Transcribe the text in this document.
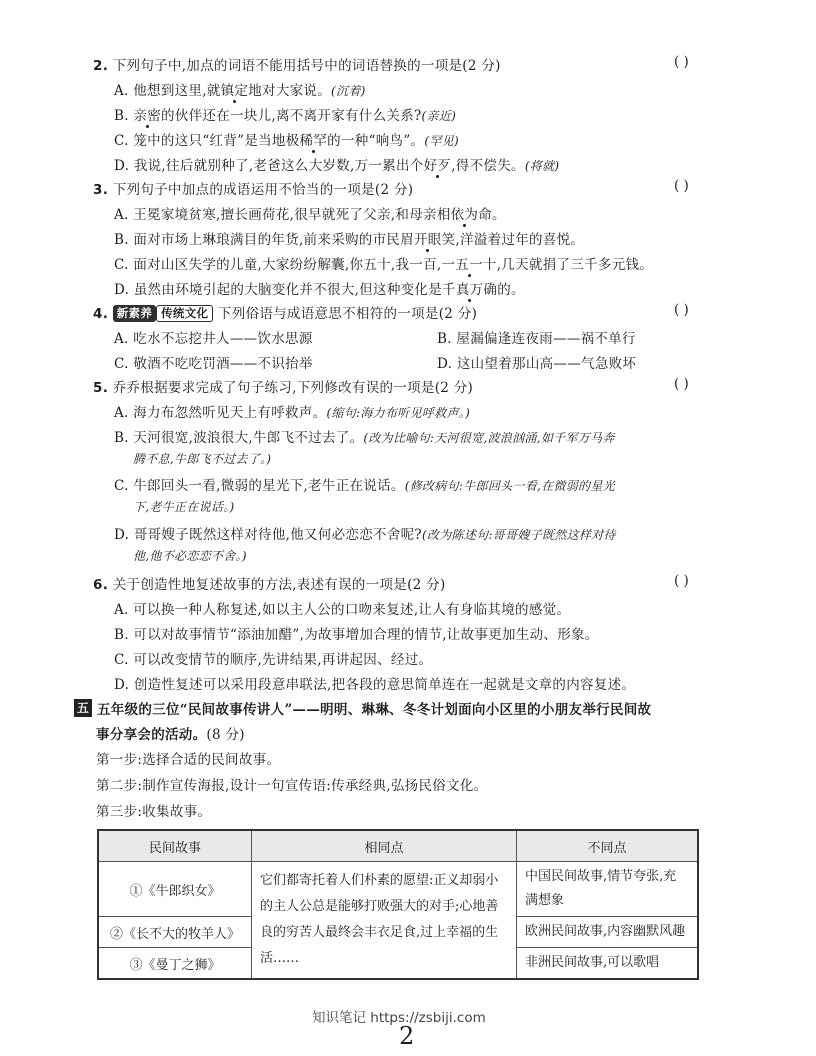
2. 下列句子中,加点的词语不能用括号中的词语替换的一项是(2 分)	( )
A. 他想到这里,就镇定地对大家说。(沉着)
B. 亲密的伙伴还在一块儿,离不离开家有什么关系?(亲近)
C. 笼中的这只“红背”是当地极稀罕的一种“响鸟”。(罕见)
D. 我说,往后就别种了,老爸这么大岁数,万一累出个好歹,得不偿失。(将就)
3. 下列句子中加点的成语运用不恰当的一项是(2 分)	( )
A. 王冕家境贫寒,擅长画荷花,很早就死了父亲,和母亲相依为命。
B. 面对市场上琳琅满目的年货,前来采购的市民眉开眼笑,洋溢着过年的喜悦。
C. 面对山区失学的儿童,大家纷纷解囊,你五十,我一百,一五一十,几天就捐了三千多元钱。
D. 虽然由环境引起的大脑变化并不很大,但这种变化是千真万确的。
4. 新素养 传统文化 下列俗语与成语意思不相符的一项是(2 分)	( )
A. 吃水不忘挖井人——饮水思源	B. 屋漏偏逢连夜雨——祸不单行
C. 敬酒不吃吃罚酒——不识抬举	D. 这山望着那山高——气急败坏
5. 乔乔根据要求完成了句子练习,下列修改有误的一项是(2 分)	( )
A. 海力布忽然听见天上有呼救声。(缩句:海力布听见呼救声。)
B. 天河很宽,波浪很大,牛郎飞不过去了。(改为比喻句:天河很宽,波浪汹涌,如千军万马奔
腾不息,牛郎飞不过去了。)
C. 牛郎回头一看,微弱的星光下,老牛正在说话。(修改病句:牛郎回头一看,在微弱的星光
下,老牛正在说话。)
D. 哥哥嫂子既然这样对待他,他又何必恋恋不舍呢?(改为陈述句:哥哥嫂子既然这样对待
他,他不必恋恋不舍。)
6. 关于创造性地复述故事的方法,表述有误的一项是(2 分)	( )
A. 可以换一种人称复述,如以主人公的口吻来复述,让人有身临其境的感觉。
B. 可以对故事情节“添油加醋”,为故事增加合理的情节,让故事更加生动、形象。
C. 可以改变情节的顺序,先讲结果,再讲起因、经过。
D. 创造性复述可以采用段意串联法,把各段的意思简单连在一起就是文章的内容复述。
五 五年级的三位“民间故事传讲人”——明明、琳琳、冬冬计划面向小区里的小朋友举行民间故
事分享会的活动。(8 分)
第一步:选择合适的民间故事。
第二步:制作宣传海报,设计一句宣传语:传承经典,弘扬民俗文化。
第三步:收集故事。
民间故事	相同点	不同点
①《牛郎织女》	它们都寄托着人们朴素的愿望:正义却弱小的主人公总是能够打败强大的对手;心地善良的穷苦人最终会丰衣足食,过上幸福的生活……	中国民间故事,情节夸张,充满想象
②《长不大的牧羊人》		欧洲民间故事,内容幽默风趣
③《曼丁之狮》		非洲民间故事,可以歌唱
知识笔记 https://zsbiji.com
2
